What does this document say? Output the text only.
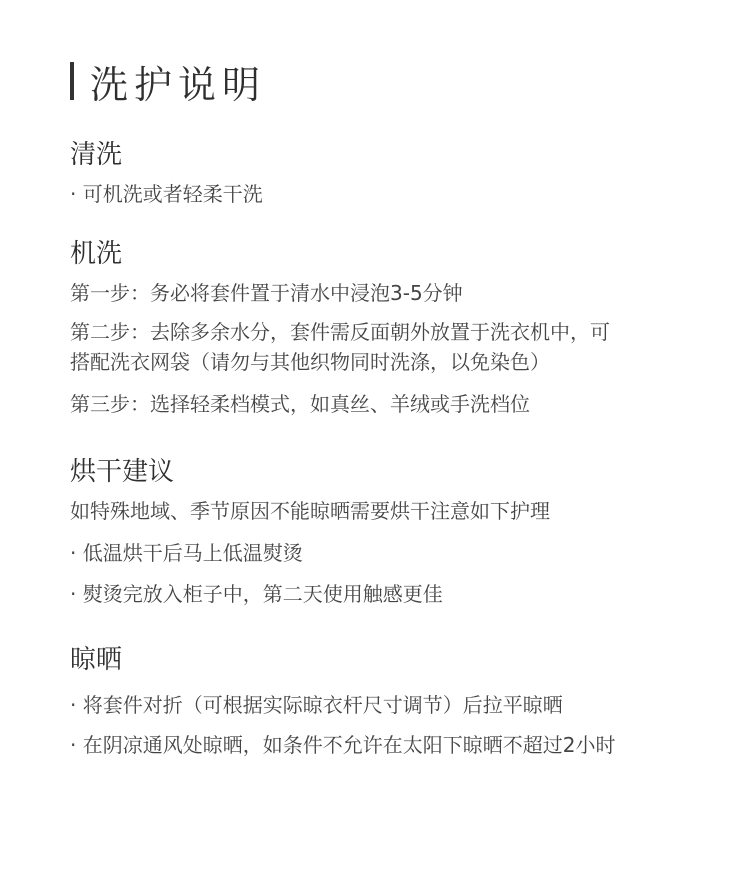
洗护说明
清洗
· 可机洗或者轻柔干洗
机洗
第一步：务必将套件置于清水中浸泡3-5分钟
第二步：去除多余水分，套件需反面朝外放置于洗衣机中，可
搭配洗衣网袋（请勿与其他织物同时洗涤，以免染色）
第三步：选择轻柔档模式，如真丝、羊绒或手洗档位
烘干建议
如特殊地域、季节原因不能晾晒需要烘干注意如下护理
· 低温烘干后马上低温熨烫
· 熨烫完放入柜子中，第二天使用触感更佳
晾晒
· 将套件对折（可根据实际晾衣杆尺寸调节）后拉平晾晒
· 在阴凉通风处晾晒，如条件不允许在太阳下晾晒不超过2小时
